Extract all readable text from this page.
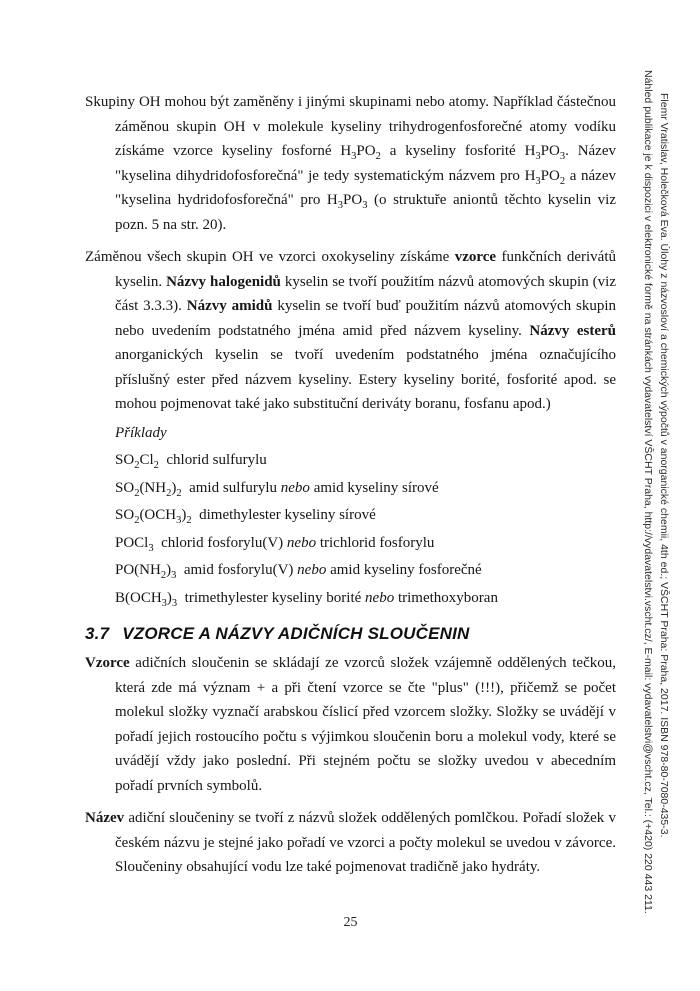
Skupiny OH mohou být zaměněny i jinými skupinami nebo atomy. Například částečnou záměnou skupin OH v molekule kyseliny trihydrogenfosforečné atomy vodíku získáme vzorce kyseliny fosforné $H_3PO_2$ a kyseliny fosforité $H_3PO_3$. Název "kyselina dihydridofosforečná" je tedy systematickým názvem pro $H_3PO_2$ a název "kyselina hydridofosforečná" pro $H_3PO_3$ (o struktuře aniontů těchto kyselin viz pozn. 5 na str. 20).

Záměnou všech skupin OH ve vzorci oxokyseliny získáme vzorce funkčních derivátů kyselin. Názvy halogenidů kyselin se tvoří použitím názvů atomových skupin (viz část 3.3.3). Názvy amidů kyselin se tvoří buď použitím názvů atomových skupin nebo uvedením podstatného jména amid před názvem kyseliny. Názvy esterů anorganických kyselin se tvoří uvedením podstatného jména označujícího příslušný ester před názvem kyseliny. Estery kyseliny borité, fosforité apod. se mohou pojmenovat také jako substituční deriváty boranu, fosfanu apod.)

Příklady
$SO_2Cl_2$  chlorid sulfurylu
$SO_2(NH_2)_2$  amid sulfurylu nebo amid kyseliny sírové
$SO_2(OCH_3)_2$  dimethylester kyseliny sírové
POCl$_3$  chlorid fosforylu(V) nebo trichlorid fosforylu
$PO(NH_2)_3$  amid fosforylu(V) nebo amid kyseliny fosforečné
$B(OCH_3)_3$  trimethylester kyseliny borité nebo trimethoxyboran
3.7 VZORCE A NÁZVY ADIČNÍCH SLOUČENIN

Vzorce adičních sloučenin se skládají ze vzorců složek vzájemně oddělených tečkou, která zde má význam + a při čtení vzorce se čte "plus" (!!!), přičemž se počet molekul složky vyznačí arabskou číslicí před vzorcem složky. Složky se uvádějí v pořadí jejich rostoucího počtu s výjimkou sloučenin boru a molekul vody, které se uvádějí vždy jako poslední. Při stejném počtu se složky uvedou v abecedním pořadí prvních symbolů.

Název adiční sloučeniny se tvoří z názvů složek oddělených pomlčkou. Pořadí složek v českém názvu je stejné jako pořadí ve vzorci a počty molekul se uvedou v závorce. Sloučeniny obsahující vodu lze také pojmenovat tradičně jako hydráty.

25
Flemr Vratislav, Holečková Eva. Úlohy z názvosloví a chemických výpočtů v anorganické chemii, 4th ed.; VŠCHT Praha: Praha, 2017. ISBN 978-80-7080-435-3.
Náhled publikace je k dispozici v elektronické formě na stránkách vydavatelství VŠCHT Praha, http://vydavatelstvi.vscht.cz/, E-mail: vydavatelstvi@vscht.cz, Tel.: (+420) 220 443 211.
